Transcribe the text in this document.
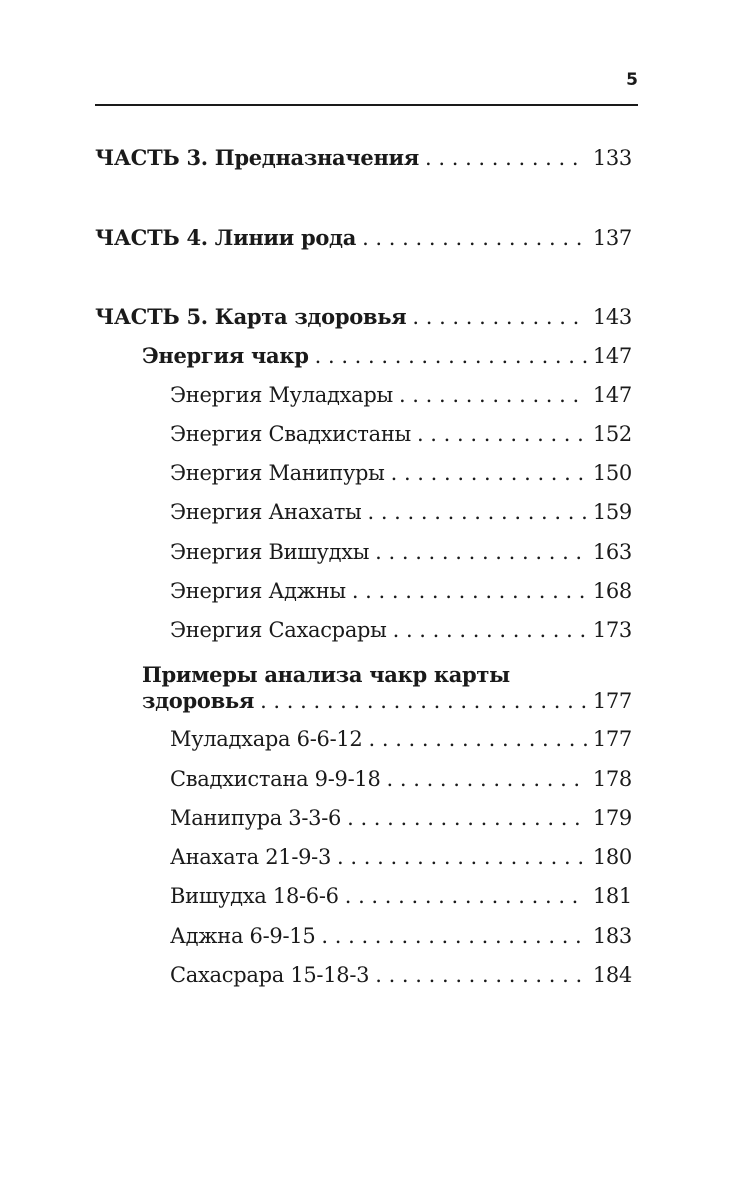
5
ЧАСТЬ 3. Предназначения . . .	133
ЧАСТЬ 4. Линии рода . . .	137
ЧАСТЬ 5. Карта здоровья . . .	143
Энергия чакр . . .	147
Энергия Муладхары . . .	147
Энергия Свадхистаны . . .	152
Энергия Манипуры . . .	150
Энергия Анахаты . . .	159
Энергия Вишудхы . . .	163
Энергия Аджны . . .	168
Энергия Сахасрары . . .	173
Примеры анализа чакр карты
здоровья . . .	177
Муладхара 6-6-12 . . .	177
Свадхистана 9-9-18 . . .	178
Манипура 3-3-6 . . .	179
Анахата 21-9-3 . . .	180
Вишудха 18-6-6 . . .	181
Аджна 6-9-15 . . .	183
Сахасрара 15-18-3 . . .	184
